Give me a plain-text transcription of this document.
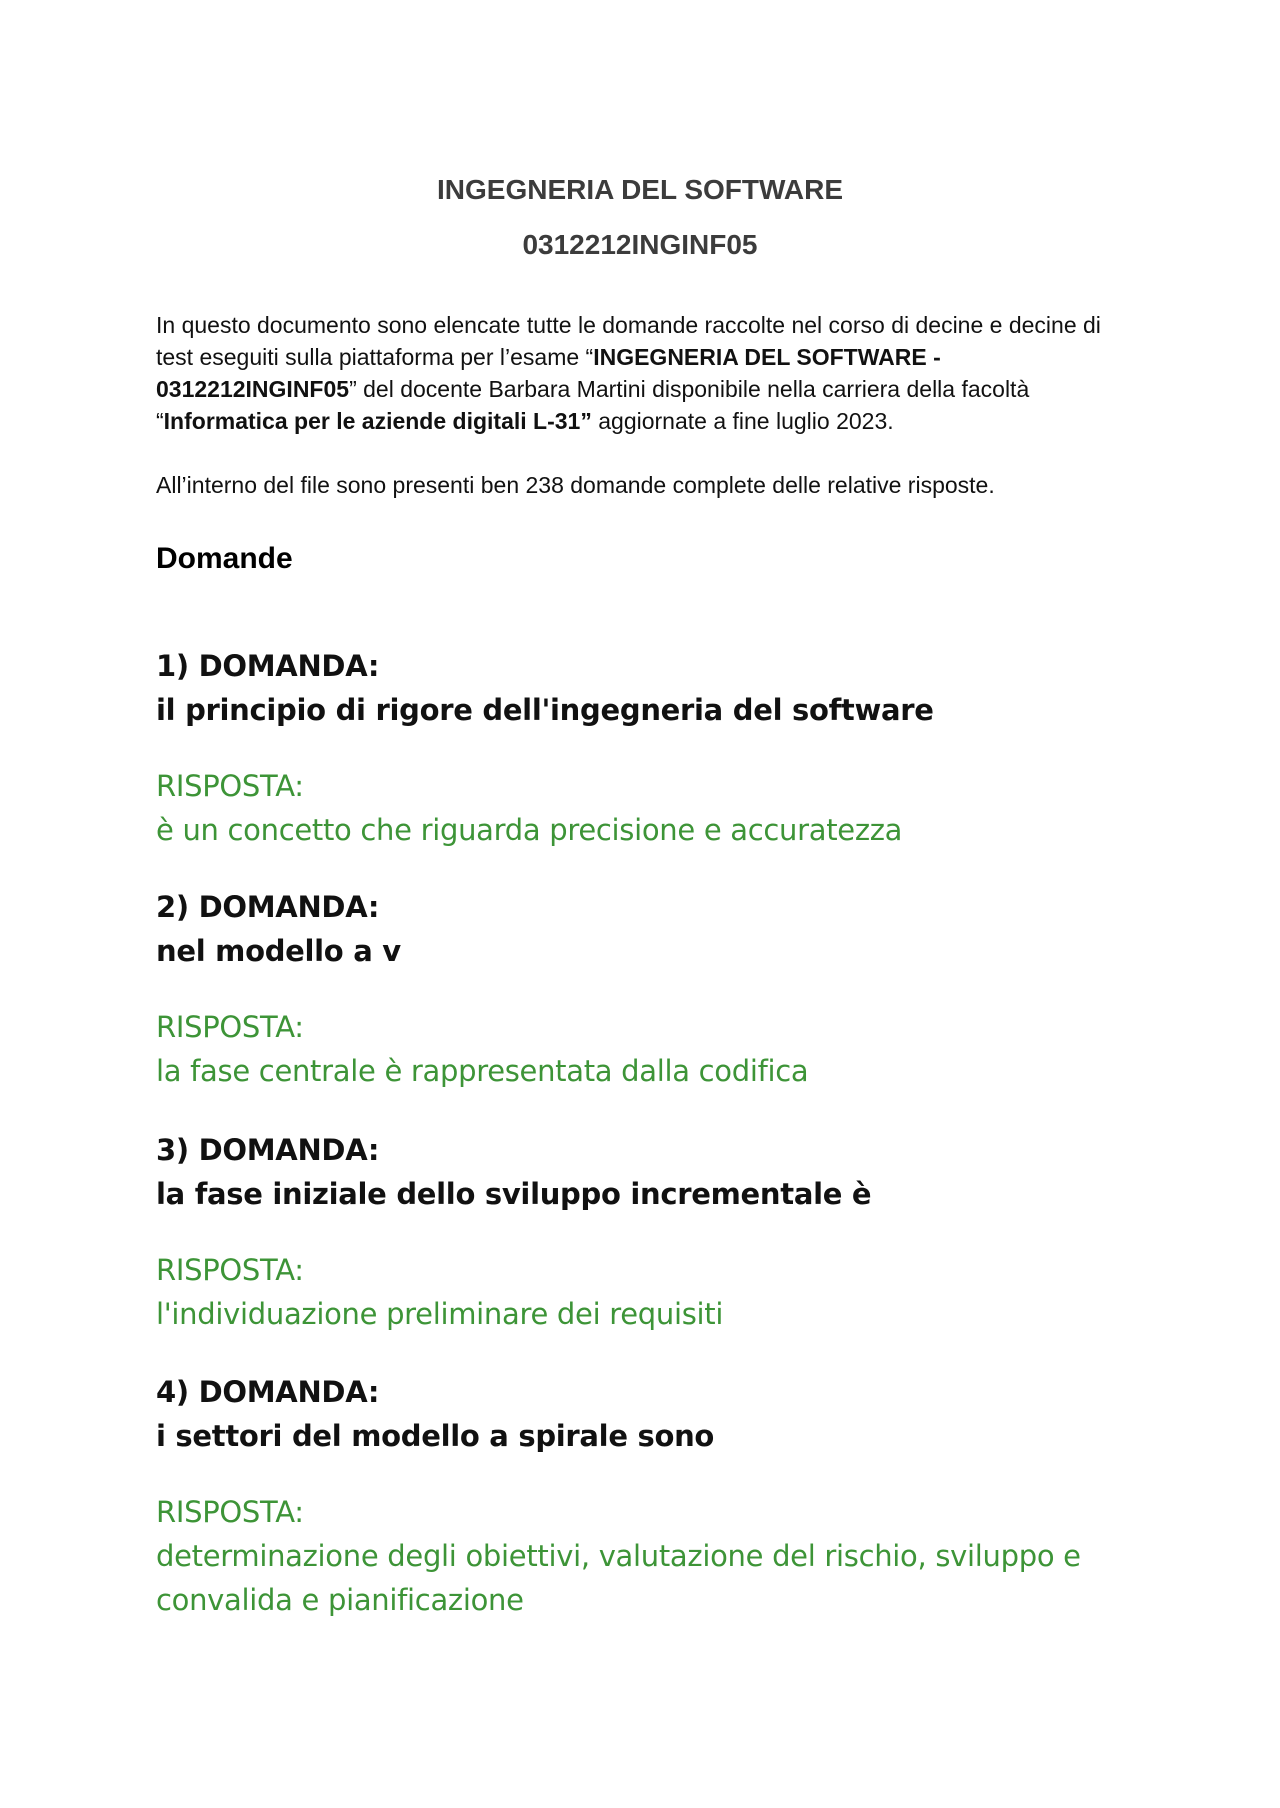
INGEGNERIA DEL SOFTWARE
0312212INGINF05

In questo documento sono elencate tutte le domande raccolte nel corso di decine e decine di test eseguiti sulla piattaforma per l’esame “INGEGNERIA DEL SOFTWARE - 0312212INGINF05” del docente Barbara Martini disponibile nella carriera della facoltà “Informatica per le aziende digitali L-31” aggiornate a fine luglio 2023.

All’interno del file sono presenti ben 238 domande complete delle relative risposte.

Domande

1) DOMANDA:

il principio di rigore dell'ingegneria del software

RISPOSTA:

è un concetto che riguarda precisione e accuratezza

2) DOMANDA:

nel modello a v

RISPOSTA:

la fase centrale è rappresentata dalla codifica

3) DOMANDA:

la fase iniziale dello sviluppo incrementale è

RISPOSTA:

l'individuazione preliminare dei requisiti

4) DOMANDA:

i settori del modello a spirale sono

RISPOSTA:

determinazione degli obiettivi, valutazione del rischio, sviluppo e convalida e pianificazione
